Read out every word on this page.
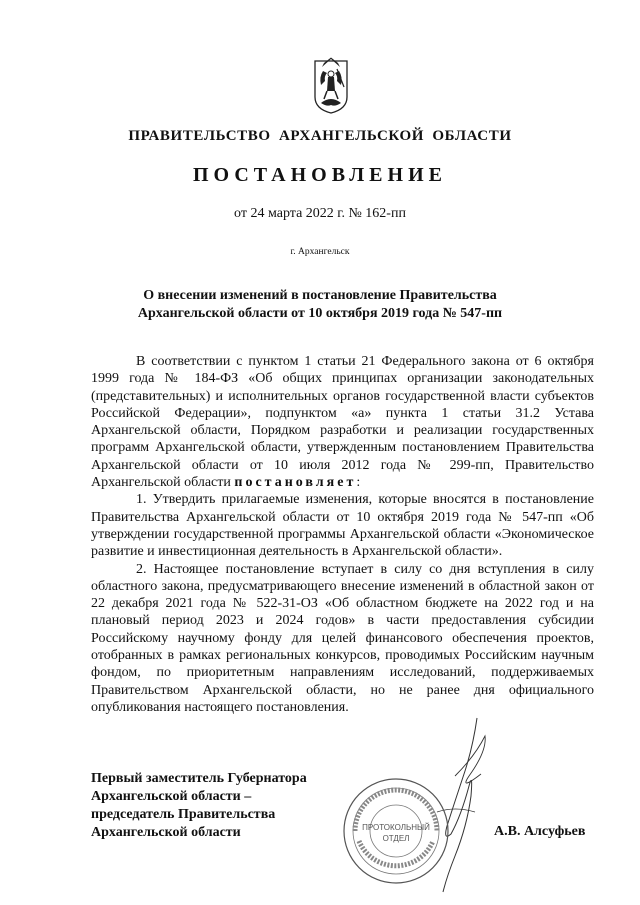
ПРАВИТЕЛЬСТВО АРХАНГЕЛЬСКОЙ ОБЛАСТИ
ПОСТАНОВЛЕНИЕ
от 24 марта 2022 г. № 162-пп
г. Архангельск
О внесении изменений в постановление Правительства
Архангельской области от 10 октября 2019 года № 547-пп

В соответствии с пунктом 1 статьи 21 Федерального закона от 6 октября 1999 года № 184-ФЗ «Об общих принципах организации законодательных (представительных) и исполнительных органов государственной власти субъектов Российской Федерации», подпунктом «а» пункта 1 статьи 31.2 Устава Архангельской области, Порядком разработки и реализации государственных программ Архангельской области, утвержденным постановлением Правительства Архангельской области от 10 июля 2012 года № 299-пп, Правительство Архангельской области постановляет:

1. Утвердить прилагаемые изменения, которые вносятся в постановление Правительства Архангельской области от 10 октября 2019 года № 547-пп «Об утверждении государственной программы Архангельской области «Экономическое развитие и инвестиционная деятельность в Архангельской области».

2. Настоящее постановление вступает в силу со дня вступления в силу областного закона, предусматривающего внесение изменений в областной закон от 22 декабря 2021 года № 522-31-ОЗ «Об областном бюджете на 2022 год и на плановый период 2023 и 2024 годов» в части предоставления субсидии Российскому научному фонду для целей финансового обеспечения проектов, отобранных в рамках региональных конкурсов, проводимых Российским научным фондом, по приоритетным направлениям исследований, поддерживаемых Правительством Архангельской области, но не ранее дня официального опубликования настоящего постановления.

ПРОТОКОЛЬНЫЙ
ОТДЕЛ
Первый заместитель Губернатора
Архангельской области –
председатель Правительства
Архангельской области	А.В. Алсуфьев
